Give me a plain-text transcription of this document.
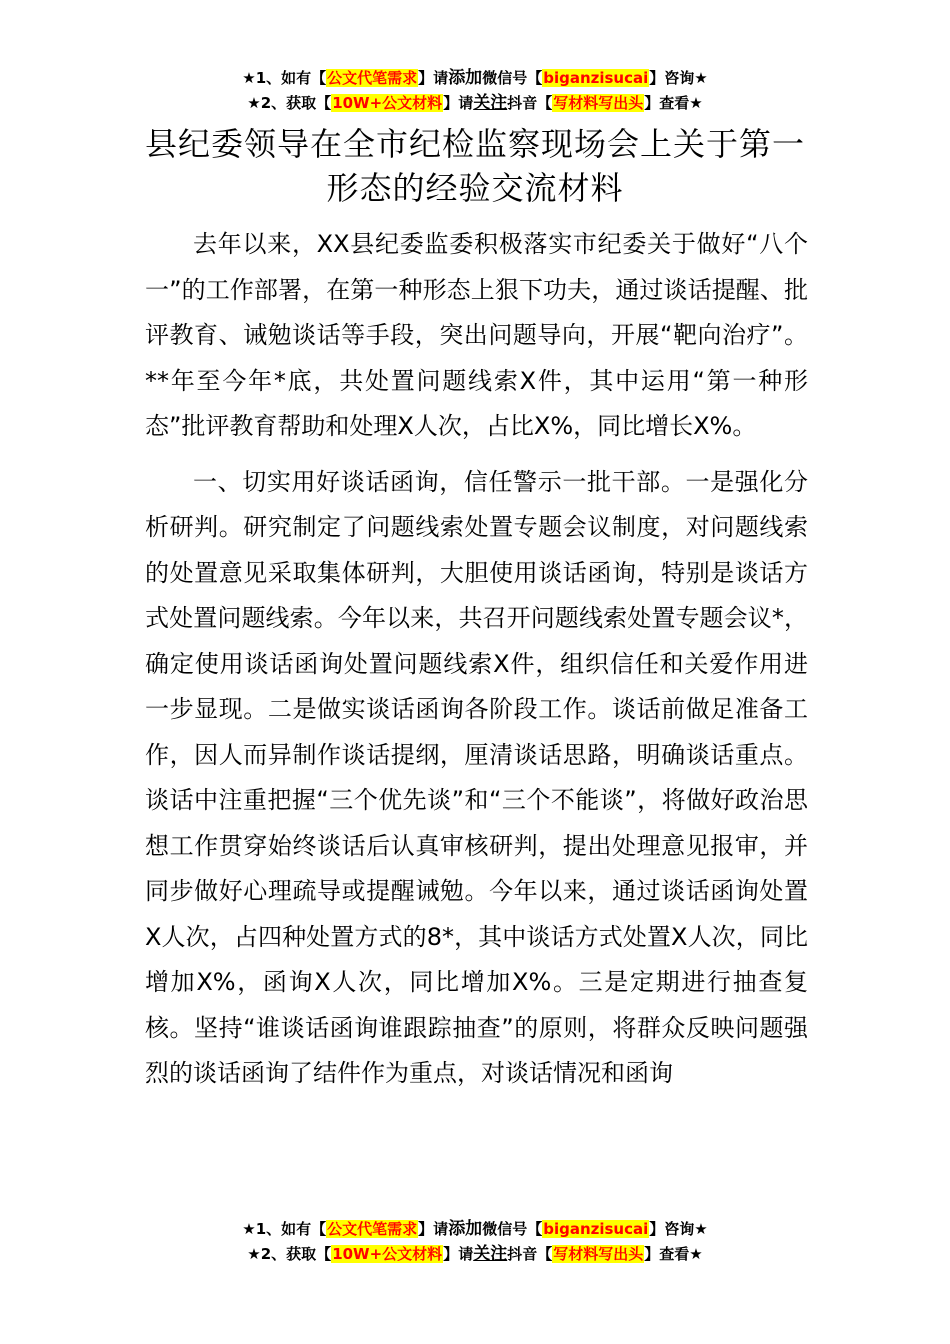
★1、如有【公文代笔需求】请添加微信号【biganzisucai】咨询★
★2、获取【10W+公文材料】请关注抖音【写材料写出头】查看★
县纪委领导在全市纪检监察现场会上关于第一形态的经验交流材料

去年以来，XX县纪委监委积极落实市纪委关于做好“八个一”的工作部署，在第一种形态上狠下功夫，通过谈话提醒、批评教育、诫勉谈话等手段，突出问题导向，开展“靶向治疗”。**年至今年*底，共处置问题线索X件，其中运用“第一种形态”批评教育帮助和处理X人次，占比X%，同比增长X%。

一、切实用好谈话函询，信任警示一批干部。一是强化分析研判。研究制定了问题线索处置专题会议制度，对问题线索的处置意见采取集体研判，大胆使用谈话函询，特别是谈话方式处置问题线索。今年以来，共召开问题线索处置专题会议*，确定使用谈话函询处置问题线索X件，组织信任和关爱作用进一步显现。二是做实谈话函询各阶段工作。谈话前做足准备工作，因人而异制作谈话提纲，厘清谈话思路，明确谈话重点。谈话中注重把握“三个优先谈”和“三个不能谈”，将做好政治思想工作贯穿始终谈话后认真审核研判，提出处理意见报审，并同步做好心理疏导或提醒诫勉。今年以来，通过谈话函询处置X人次，占四种处置方式的8*，其中谈话方式处置X人次，同比增加X%，函询X人次，同比增加X%。三是定期进行抽查复核。坚持“谁谈话函询谁跟踪抽查”的原则，将群众反映问题强烈的谈话函询了结件作为重点，对谈话情况和函询

★1、如有【公文代笔需求】请添加微信号【biganzisucai】咨询★
★2、获取【10W+公文材料】请关注抖音【写材料写出头】查看★
